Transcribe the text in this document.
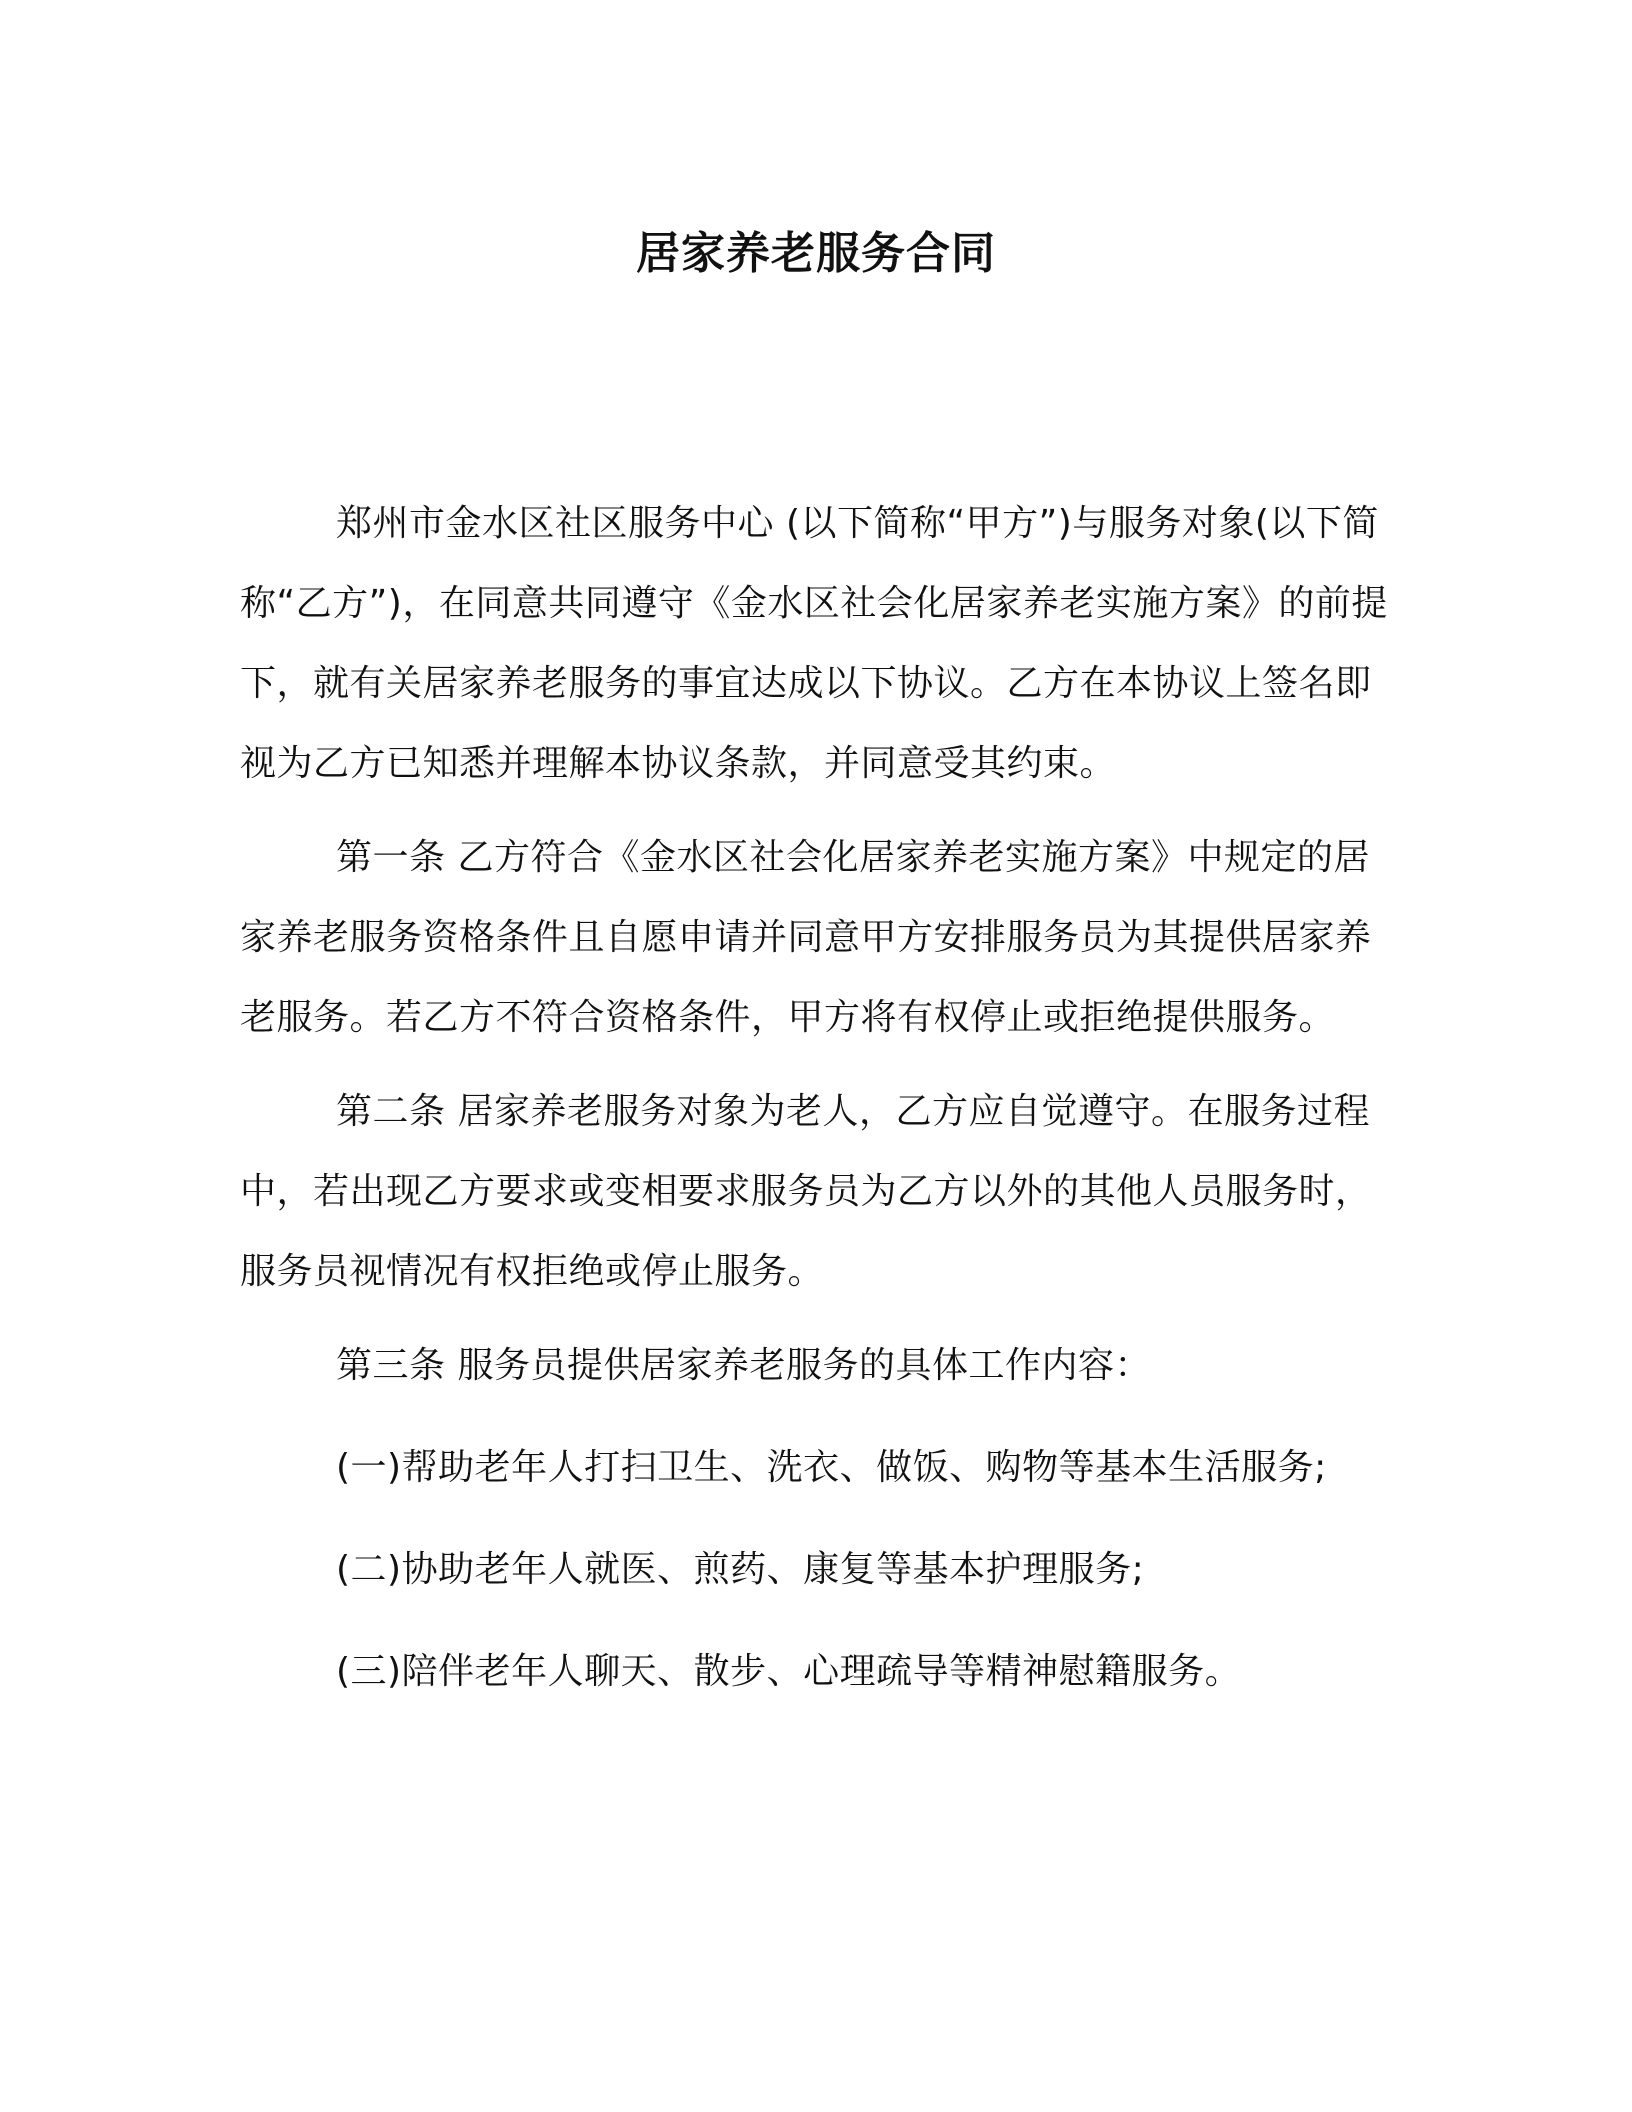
居家养老服务合同

郑州市金水区社区服务中心 (以下简称“甲方”)与服务对象(以下简称“乙方”)，在同意共同遵守《金水区社会化居家养老实施方案》的前提下，就有关居家养老服务的事宜达成以下协议。乙方在本协议上签名即视为乙方已知悉并理解本协议条款，并同意受其约束。

第一条 乙方符合《金水区社会化居家养老实施方案》中规定的居家养老服务资格条件且自愿申请并同意甲方安排服务员为其提供居家养老服务。若乙方不符合资格条件，甲方将有权停止或拒绝提供服务。

第二条 居家养老服务对象为老人，乙方应自觉遵守。在服务过程中，若出现乙方要求或变相要求服务员为乙方以外的其他人员服务时，服务员视情况有权拒绝或停止服务。

第三条 服务员提供居家养老服务的具体工作内容：

(一)帮助老年人打扫卫生、洗衣、做饭、购物等基本生活服务;

(二)协助老年人就医、煎药、康复等基本护理服务;

(三)陪伴老年人聊天、散步、心理疏导等精神慰籍服务。
